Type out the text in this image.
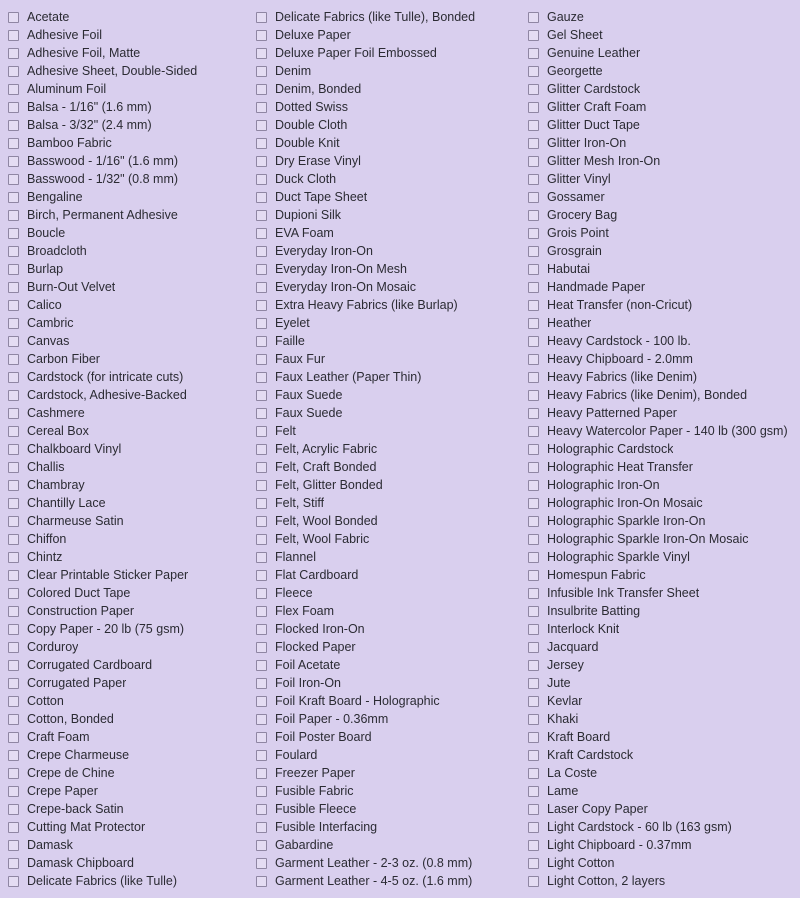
Acetate
Adhesive Foil
Adhesive Foil, Matte
Adhesive Sheet, Double-Sided
Aluminum Foil
Balsa - 1/16" (1.6 mm)
Balsa - 3/32" (2.4 mm)
Bamboo Fabric
Basswood - 1/16" (1.6 mm)
Basswood - 1/32" (0.8 mm)
Bengaline
Birch, Permanent Adhesive
Boucle
Broadcloth
Burlap
Burn-Out Velvet
Calico
Cambric
Canvas
Carbon Fiber
Cardstock (for intricate cuts)
Cardstock, Adhesive-Backed
Cashmere
Cereal Box
Chalkboard Vinyl
Challis
Chambray
Chantilly Lace
Charmeuse Satin
Chiffon
Chintz
Clear Printable Sticker Paper
Colored Duct Tape
Construction Paper
Copy Paper - 20 lb (75 gsm)
Corduroy
Corrugated Cardboard
Corrugated Paper
Cotton
Cotton, Bonded
Craft Foam
Crepe Charmeuse
Crepe de Chine
Crepe Paper
Crepe-back Satin
Cutting Mat Protector
Damask
Damask Chipboard
Delicate Fabrics (like Tulle)
Delicate Fabrics (like Tulle), Bonded
Deluxe Paper
Deluxe Paper Foil Embossed
Denim
Denim, Bonded
Dotted Swiss
Double Cloth
Double Knit
Dry Erase Vinyl
Duck Cloth
Duct Tape Sheet
Dupioni Silk
EVA Foam
Everyday Iron-On
Everyday Iron-On Mesh
Everyday Iron-On Mosaic
Extra Heavy Fabrics (like Burlap)
Eyelet
Faille
Faux Fur
Faux Leather (Paper Thin)
Faux Suede
Faux Suede
Felt
Felt, Acrylic Fabric
Felt, Craft Bonded
Felt, Glitter Bonded
Felt, Stiff
Felt, Wool Bonded
Felt, Wool Fabric
Flannel
Flat Cardboard
Fleece
Flex Foam
Flocked Iron-On
Flocked Paper
Foil Acetate
Foil Iron-On
Foil Kraft Board - Holographic
Foil Paper - 0.36mm
Foil Poster Board
Foulard
Freezer Paper
Fusible Fabric
Fusible Fleece
Fusible Interfacing
Gabardine
Garment Leather - 2-3 oz. (0.8 mm)
Garment Leather - 4-5 oz. (1.6 mm)
Gauze
Gel Sheet
Genuine Leather
Georgette
Glitter Cardstock
Glitter Craft Foam
Glitter Duct Tape
Glitter Iron-On
Glitter Mesh Iron-On
Glitter Vinyl
Gossamer
Grocery Bag
Grois Point
Grosgrain
Habutai
Handmade Paper
Heat Transfer (non-Cricut)
Heather
Heavy Cardstock - 100 lb.
Heavy Chipboard - 2.0mm
Heavy Fabrics (like Denim)
Heavy Fabrics (like Denim), Bonded
Heavy Patterned Paper
Heavy Watercolor Paper - 140 lb (300 gsm)
Holographic Cardstock
Holographic Heat Transfer
Holographic Iron-On
Holographic Iron-On Mosaic
Holographic Sparkle Iron-On
Holographic Sparkle Iron-On Mosaic
Holographic Sparkle Vinyl
Homespun Fabric
Infusible Ink Transfer Sheet
Insulbrite Batting
Interlock Knit
Jacquard
Jersey
Jute
Kevlar
Khaki
Kraft Board
Kraft Cardstock
La Coste
Lame
Laser Copy Paper
Light Cardstock - 60 lb (163 gsm)
Light Chipboard - 0.37mm
Light Cotton
Light Cotton, 2 layers
